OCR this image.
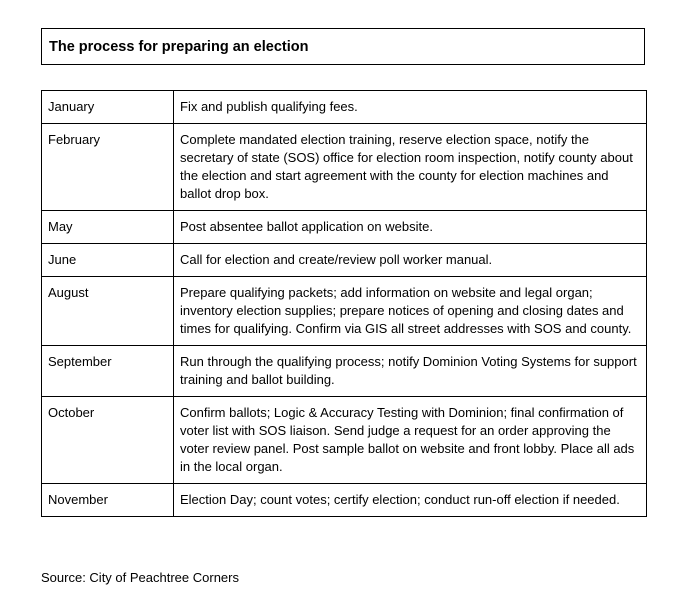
The process for preparing an election
January	Fix and publish qualifying fees.
February	Complete mandated election training, reserve election space, notify the secretary of state (SOS) office for election room inspection, notify county about the election and start agreement with the county for election machines and ballot drop box.
May	Post absentee ballot application on website.
June	Call for election and create/review poll worker manual.
August	Prepare qualifying packets; add information on website and legal organ; inventory election supplies; prepare notices of opening and closing dates and times for qualifying. Confirm via GIS all street addresses with SOS and county.
September	Run through the qualifying process; notify Dominion Voting Systems for support training and ballot building.
October	Confirm ballots; Logic & Accuracy Testing with Dominion; final confirmation of voter list with SOS liaison. Send judge a request for an order approving the voter review panel. Post sample ballot on website and front lobby. Place all ads in the local organ.
November	Election Day; count votes; certify election; conduct run-off election if needed.
Source: City of Peachtree Corners
